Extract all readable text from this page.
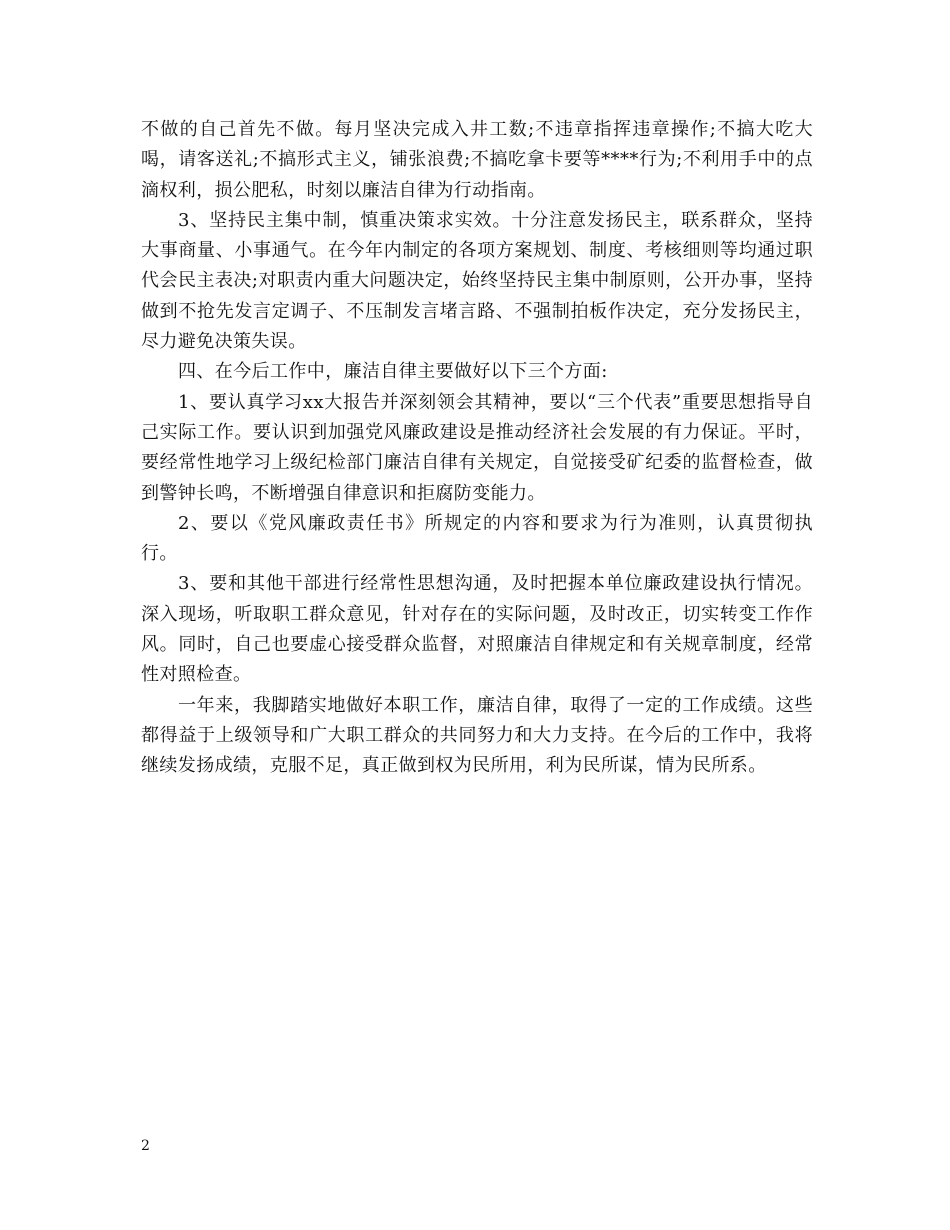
不做的自己首先不做。每月坚决完成入井工数;不违章指挥违章操作;不搞大吃大喝，请客送礼;不搞形式主义，铺张浪费;不搞吃拿卡要等****行为;不利用手中的点滴权利，损公肥私，时刻以廉洁自律为行动指南。

3、坚持民主集中制，慎重决策求实效。十分注意发扬民主，联系群众，坚持大事商量、小事通气。在今年内制定的各项方案规划、制度、考核细则等均通过职代会民主表决;对职责内重大问题决定，始终坚持民主集中制原则，公开办事，坚持做到不抢先发言定调子、不压制发言堵言路、不强制拍板作决定，充分发扬民主，尽力避免决策失误。

四、在今后工作中，廉洁自律主要做好以下三个方面:

1、要认真学习xx大报告并深刻领会其精神，要以“三个代表”重要思想指导自己实际工作。要认识到加强党风廉政建设是推动经济社会发展的有力保证。平时，要经常性地学习上级纪检部门廉洁自律有关规定，自觉接受矿纪委的监督检查，做到警钟长鸣，不断增强自律意识和拒腐防变能力。

2、要以《党风廉政责任书》所规定的内容和要求为行为准则，认真贯彻执行。

3、要和其他干部进行经常性思想沟通，及时把握本单位廉政建设执行情况。深入现场，听取职工群众意见，针对存在的实际问题，及时改正，切实转变工作作风。同时，自己也要虚心接受群众监督，对照廉洁自律规定和有关规章制度，经常性对照检查。

一年来，我脚踏实地做好本职工作，廉洁自律，取得了一定的工作成绩。这些都得益于上级领导和广大职工群众的共同努力和大力支持。在今后的工作中，我将继续发扬成绩，克服不足，真正做到权为民所用，利为民所谋，情为民所系。

2
